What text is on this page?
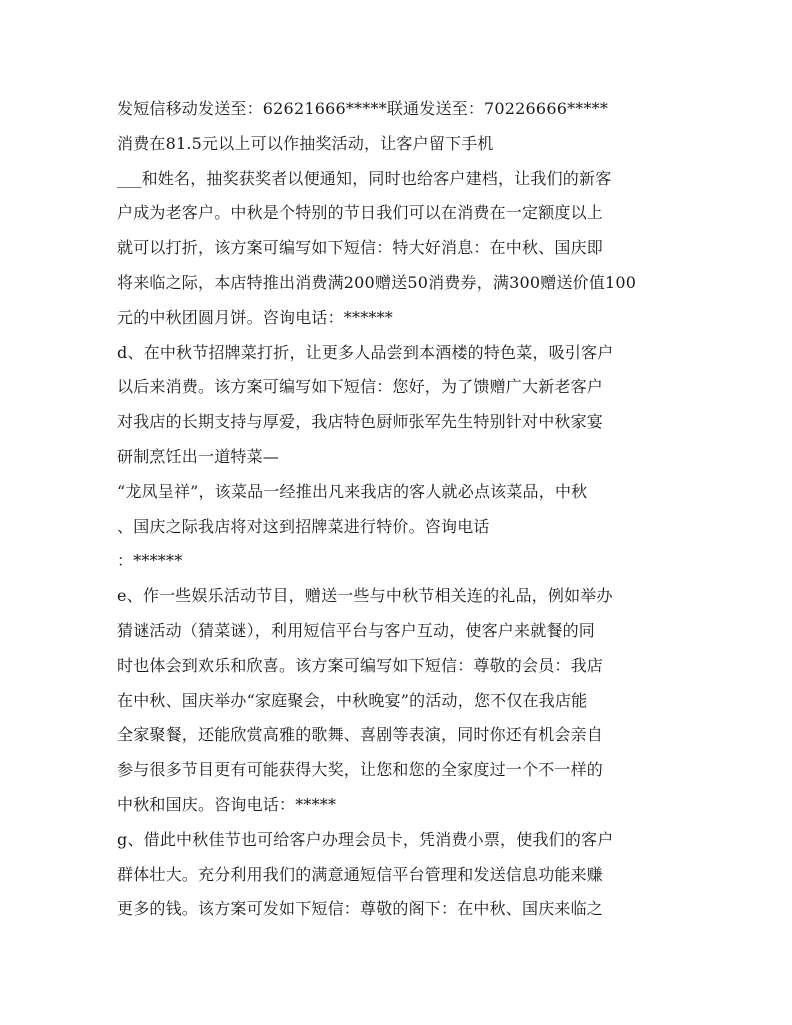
发短信移动发送至：62621666*****联通发送至：70226666*****
消费在81.5元以上可以作抽奖活动，让客户留下手机
___和姓名，抽奖获奖者以便通知，同时也给客户建档，让我们的新客
户成为老客户。中秋是个特别的节日我们可以在消费在一定额度以上
就可以打折，该方案可编写如下短信：特大好消息：在中秋、国庆即
将来临之际，本店特推出消费满200赠送50消费券，满300赠送价值100
元的中秋团圆月饼。咨询电话：******
d、在中秋节招牌菜打折，让更多人品尝到本酒楼的特色菜，吸引客户
以后来消费。该方案可编写如下短信：您好，为了馈赠广大新老客户
对我店的长期支持与厚爱，我店特色厨师张军先生特别针对中秋家宴
研制烹饪出一道特菜—
“龙凤呈祥”，该菜品一经推出凡来我店的客人就必点该菜品，中秋
、国庆之际我店将对这到招牌菜进行特价。咨询电话
：******
e、作一些娱乐活动节目，赠送一些与中秋节相关连的礼品，例如举办
猜谜活动（猜菜谜），利用短信平台与客户互动，使客户来就餐的同
时也体会到欢乐和欣喜。该方案可编写如下短信：尊敬的会员：我店
在中秋、国庆举办“家庭聚会，中秋晚宴”的活动，您不仅在我店能
全家聚餐，还能欣赏高雅的歌舞、喜剧等表演，同时你还有机会亲自
参与很多节目更有可能获得大奖，让您和您的全家度过一个不一样的
中秋和国庆。咨询电话：*****
g、借此中秋佳节也可给客户办理会员卡，凭消费小票，使我们的客户
群体壮大。充分利用我们的满意通短信平台管理和发送信息功能来赚
更多的钱。该方案可发如下短信：尊敬的阁下：在中秋、国庆来临之
